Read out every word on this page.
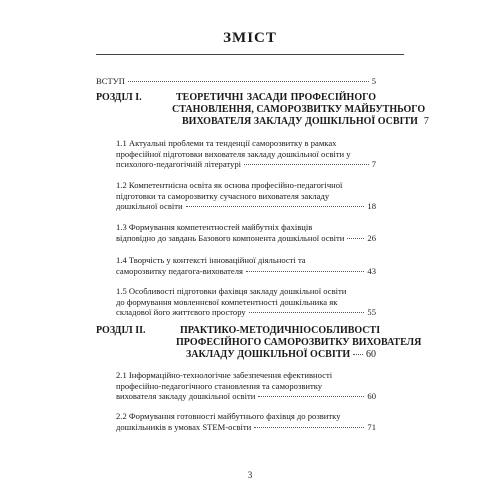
ЗМІСТ
ВСТУП	5
РОЗДІЛ І.	ТЕОРЕТИЧНІ ЗАСАДИ ПРОФЕСІЙНОГО
СТАНОВЛЕННЯ, САМОРОЗВИТКУ МАЙБУТНЬОГО
ВИХОВАТЕЛЯ ЗАКЛАДУ ДОШКІЛЬНОЇ ОСВІТИ 7
1.1 Актуальні проблеми та тенденції саморозвитку в рамках
професійної підготовки вихователя закладу дошкільної освіти у
психолого-педагогічній літературі	7
1.2 Компетентнісна освіта як основа професійно-педагогічної
підготовки та саморозвитку сучасного вихователя закладу
дошкільної освіти	18
1.3 Формування компетентностей майбутніх фахівців
відповідно до завдань Базового компонента дошкільної освіти	26
1.4 Творчість у контексті інноваційної діяльності та
саморозвитку педагога-вихователя	43
1.5 Особливості підготовки фахівця закладу дошкільної освіти
до формування мовленнєвої компетентності дошкільника як
складової його життєвого простору	55
РОЗДІЛ ІІ.	ПРАКТИКО-МЕТОДИЧНІ ОСОБЛИВОСТІ
ПРОФЕСІЙНОГО САМОРОЗВИТКУ ВИХОВАТЕЛЯ
ЗАКЛАДУ ДОШКІЛЬНОЇ ОСВІТИ 60
2.1 Інформаційно-технологічне забезпечення ефективності
професійно-педагогічного становлення та саморозвитку
вихователя закладу дошкільної освіти	60
2.2 Формування готовності майбутнього фахівця до розвитку
дошкільників в умовах STEM-освіти	71
3
